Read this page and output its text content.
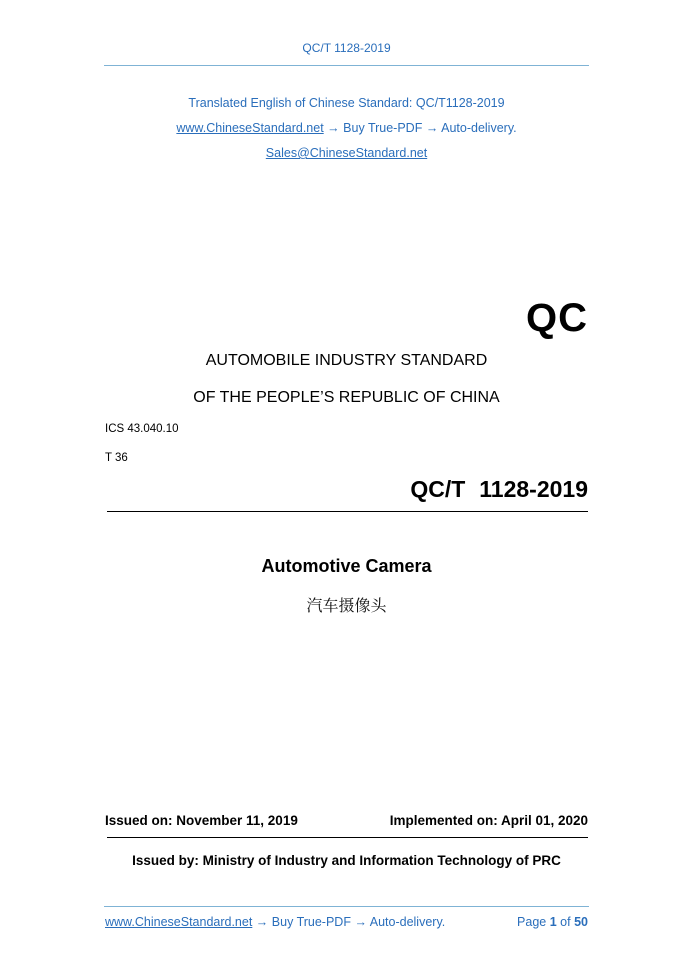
QC/T 1128-2019
Translated English of Chinese Standard: QC/T1128-2019
www.ChineseStandard.net → Buy True-PDF → Auto-delivery.
Sales@ChineseStandard.net
QC
AUTOMOBILE INDUSTRY STANDARD
OF THE PEOPLE’S REPUBLIC OF CHINA
ICS 43.040.10
T 36
QC/T 1128-2019
Automotive Camera
汽车摄像头
Issued on: November 11, 2019	Implemented on: April 01, 2020
Issued by: Ministry of Industry and Information Technology of PRC
www.ChineseStandard.net → Buy True-PDF → Auto-delivery.	Page 1 of 50
